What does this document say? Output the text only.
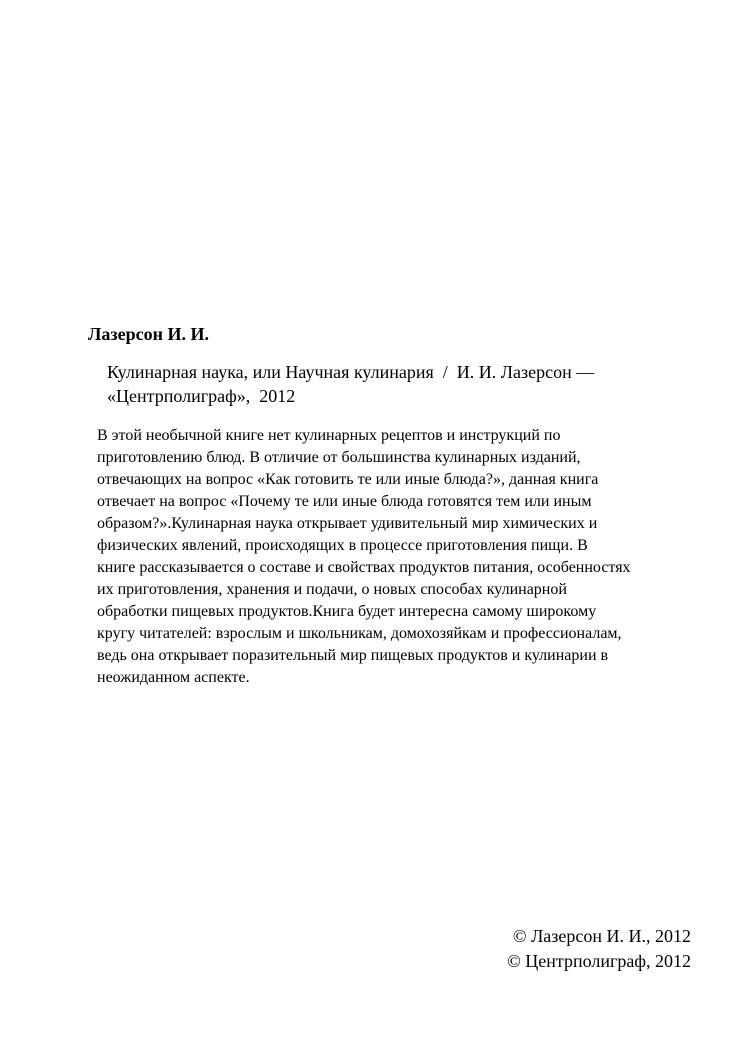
Лазерсон И. И.
Кулинарная наука, или Научная кулинария  /  И. И. Лазерсон —
«Центрполиграф»,  2012
В этой необычной книге нет кулинарных рецептов и инструкций по
приготовлению блюд. В отличие от большинства кулинарных изданий,
отвечающих на вопрос «Как готовить те или иные блюда?», данная книга
отвечает на вопрос «Почему те или иные блюда готовятся тем или иным
образом?».Кулинарная наука открывает удивительный мир химических и
физических явлений, происходящих в процессе приготовления пищи. В
книге рассказывается о составе и свойствах продуктов питания, особенностях
их приготовления, хранения и подачи, о новых способах кулинарной
обработки пищевых продуктов.Книга будет интересна самому широкому
кругу читателей: взрослым и школьникам, домохозяйкам и профессионалам,
ведь она открывает поразительный мир пищевых продуктов и кулинарии в
неожиданном аспекте.
© Лазерсон И. И., 2012
© Центрполиграф, 2012
